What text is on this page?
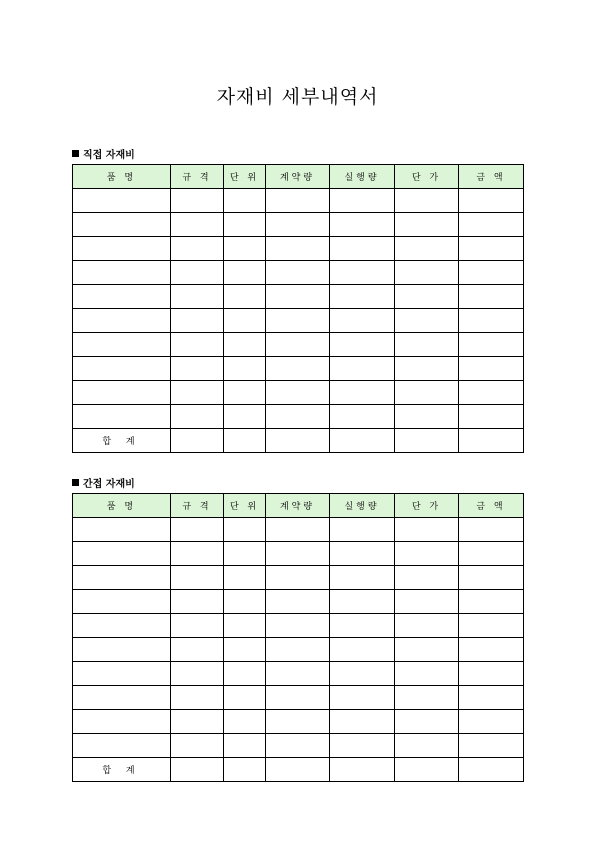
자재비 세부내역서
직접 자재비
품 명	규 격	단 위	계약량	실행량	단 가	금 액

합 계						
간접 자재비
품 명	규 격	단 위	계약량	실행량	단 가	금 액

합 계						
